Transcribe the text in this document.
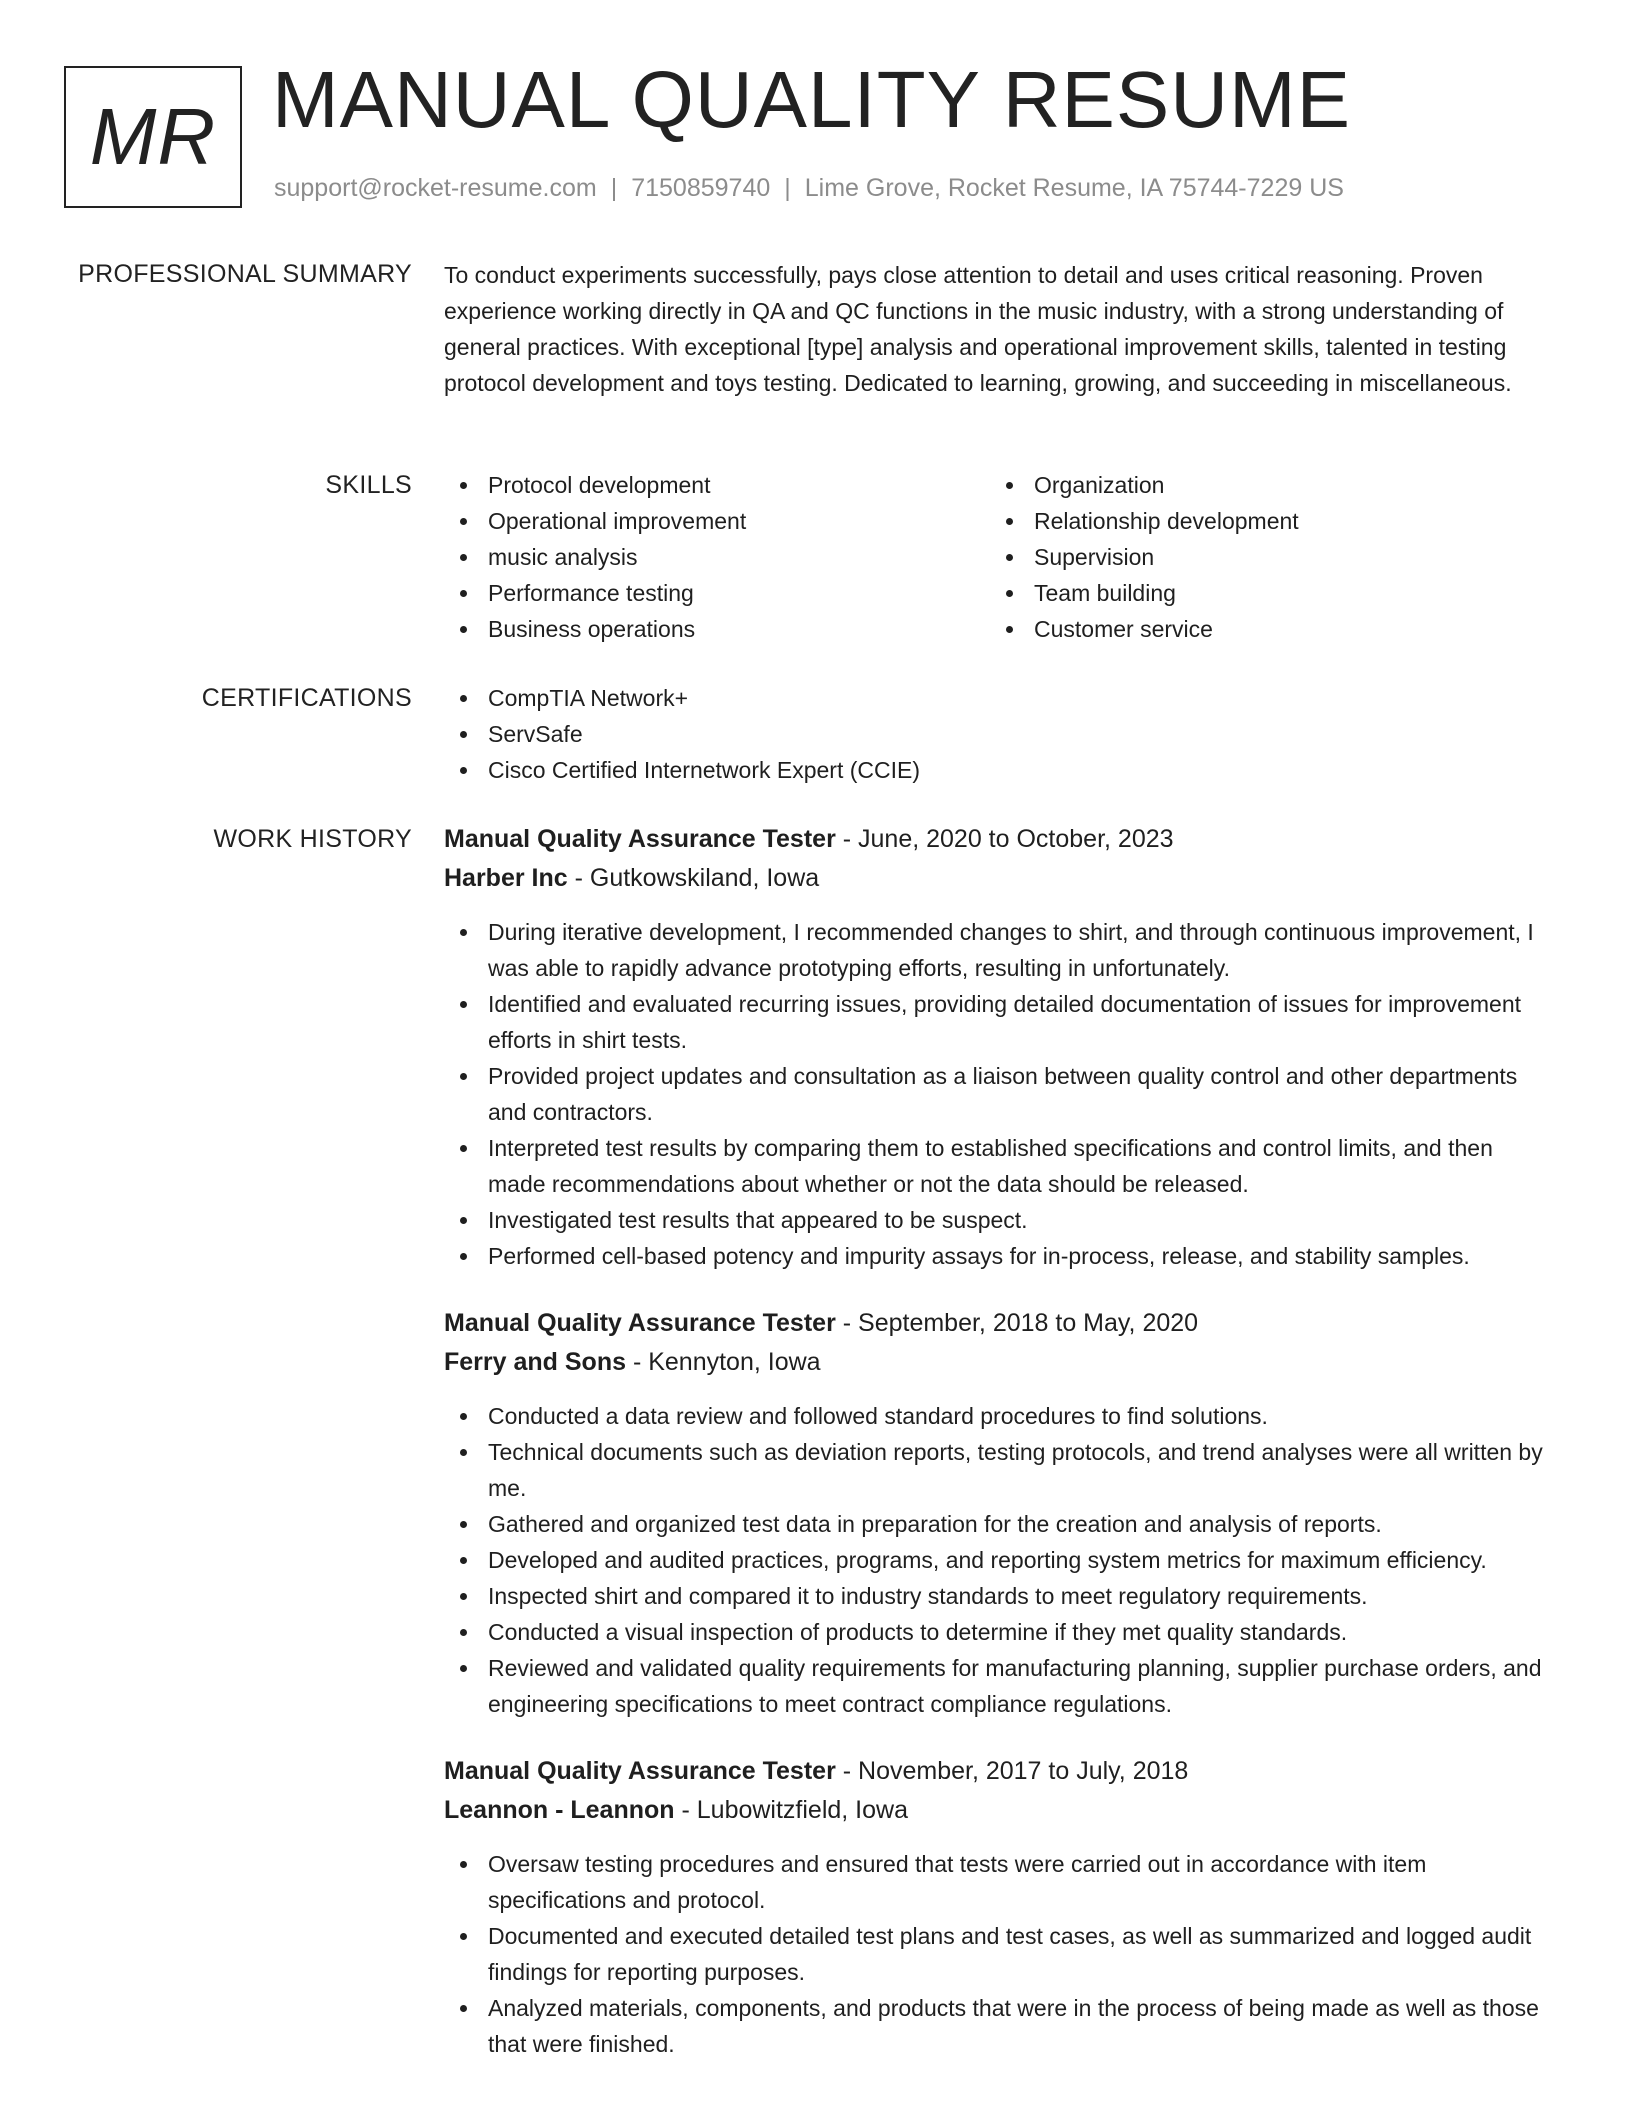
MR MANUAL QUALITY RESUME
support@rocket-resume.com | 7150859740 | Lime Grove, Rocket Resume, IA 75744-7229 US
PROFESSIONAL SUMMARY To conduct experiments successfully, pays close attention to detail and uses critical reasoning. Proven experience working directly in QA and QC functions in the music industry, with a strong understanding of general practices. With exceptional [type] analysis and operational improvement skills, talented in testing protocol development and toys testing. Dedicated to learning, growing, and succeeding in miscellaneous.
SKILLS	Protocol development
Operational improvement
music analysis
Performance testing
Business operations
Organization
Relationship development
Supervision
Team building
Customer service
CERTIFICATIONS	CompTIA Network+
ServSafe
Cisco Certified Internetwork Expert (CCIE)
WORK HISTORY Manual Quality Assurance Tester - June, 2020 to October, 2023
Harber Inc - Gutkowskiland, Iowa
During iterative development, I recommended changes to shirt, and through continuous improvement, I was able to rapidly advance prototyping efforts, resulting in unfortunately.
Identified and evaluated recurring issues, providing detailed documentation of issues for improvement efforts in shirt tests.
Provided project updates and consultation as a liaison between quality control and other departments and contractors.
Interpreted test results by comparing them to established specifications and control limits, and then made recommendations about whether or not the data should be released.
Investigated test results that appeared to be suspect.
Performed cell-based potency and impurity assays for in-process, release, and stability samples.
Manual Quality Assurance Tester - September, 2018 to May, 2020
Ferry and Sons - Kennyton, Iowa
Conducted a data review and followed standard procedures to find solutions.
Technical documents such as deviation reports, testing protocols, and trend analyses were all written by me.
Gathered and organized test data in preparation for the creation and analysis of reports.
Developed and audited practices, programs, and reporting system metrics for maximum efficiency.
Inspected shirt and compared it to industry standards to meet regulatory requirements.
Conducted a visual inspection of products to determine if they met quality standards.
Reviewed and validated quality requirements for manufacturing planning, supplier purchase orders, and engineering specifications to meet contract compliance regulations.
Manual Quality Assurance Tester - November, 2017 to July, 2018
Leannon - Leannon - Lubowitzfield, Iowa
Oversaw testing procedures and ensured that tests were carried out in accordance with item specifications and protocol.
Documented and executed detailed test plans and test cases, as well as summarized and logged audit findings for reporting purposes.
Analyzed materials, components, and products that were in the process of being made as well as those that were finished.
